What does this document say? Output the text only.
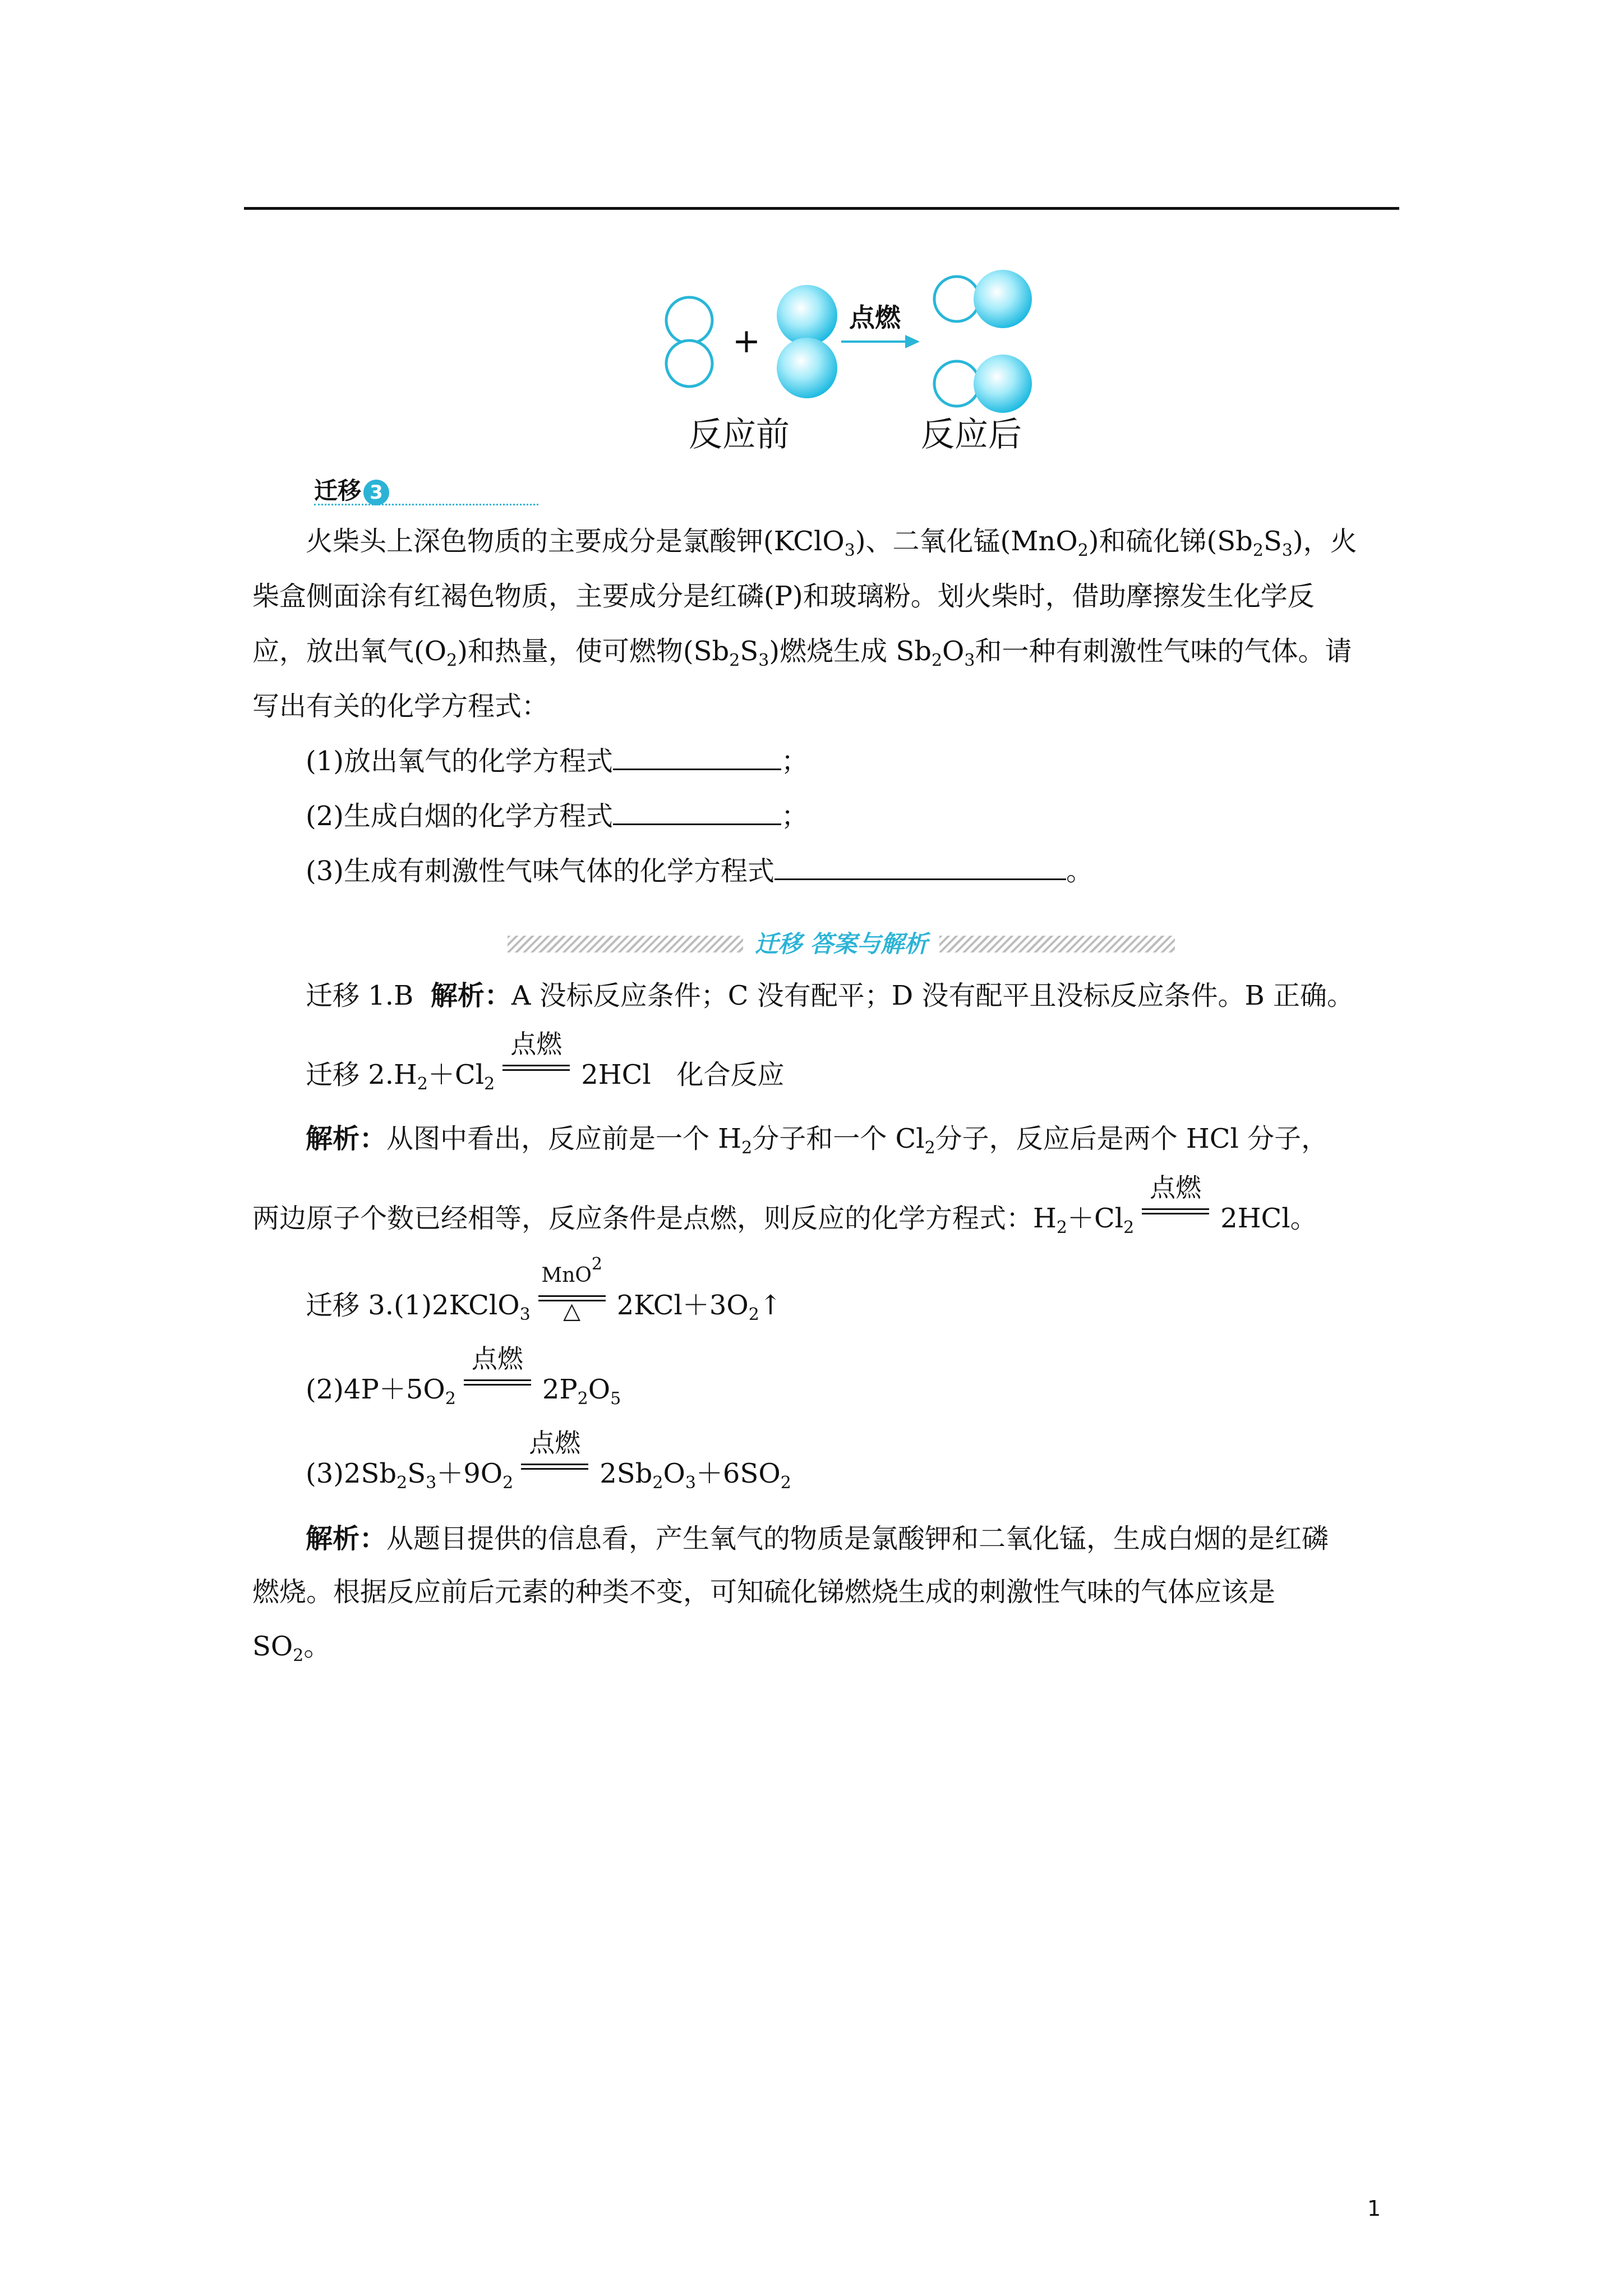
+
点燃
反应前	反应后
迁移 3
火柴头上深色物质的主要成分是氯酸钾(KClO$_3$)、二氧化锰(MnO$_2$)和硫化锑$(Sb_2S_3)$，火
柴盒侧面涂有红褐色物质，主要成分是红磷(P)和玻璃粉。划火柴时，借助摩擦发生化学反
应，放出氧气$(O_2)$和热量，使可燃物$(Sb_2S_3)$燃烧生成 $Sb_2O_3$和一种有刺激性气味的气体。请
写出有关的化学方程式：
(1)放出氧气的化学方程式	；
(2)生成白烟的化学方程式	；
(3)生成有刺激性气味气体的化学方程式	。
迁移 答案与解析
迁移 1.B 解析：A 没标反应条件；C 没有配平；D 没有配平且没标反应条件。B 正确。
迁移 $2.H_2+Cl_2$
点燃
2HCl 化合反应
解析：从图中看出，反应前是一个 $H_2$分子和一个 $Cl_2$分子，反应后是两个 HCl 分子，
两边原子个数已经相等，反应条件是点燃，则反应的化学方程式：$H_2+Cl_2$
点燃
2HCl。
迁移 3.(1)2KClO$_3$
MnO$^2$
△	$2KCl+3O_2↑$
$(2)4P+5O_2$
点燃
$2P_2O_5$
$(3)2Sb_2S_3+9O_2$
点燃
$2Sb_2O_3+6SO_2$
解析：从题目提供的信息看，产生氧气的物质是氯酸钾和二氧化锰，生成白烟的是红磷
燃烧。根据反应前后元素的种类不变，可知硫化锑燃烧生成的刺激性气味的气体应该是
$SO_2$。
1
